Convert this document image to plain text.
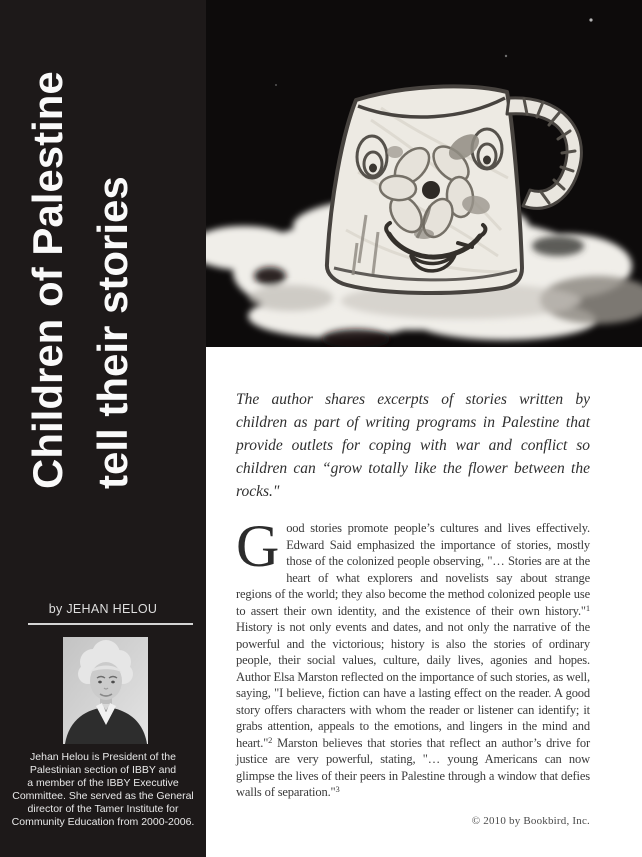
Children of Palestine tell their stories
by JEHAN HELOU
Jehan Helou is President of the
Palestinian section of IBBY and
a member of the IBBY Executive
Committee. She served as the General
director of the Tamer Institute for
Community Education from 2000-2006.

The author shares excerpts of stories written by children as part of writing programs in Palestine that provide outlets for coping with war and conflict so children can “grow totally like the flower between the rocks."

Good stories promote people’s cultures and lives effectively. Edward Said emphasized the importance of stories, mostly those of the colonized people observing, "… Stories are at the heart of what explorers and novelists say about strange regions of the world; they also become the method colonized people use to assert their own identity, and the existence of their own history."$^1$ History is not only events and dates, and not only the narrative of the powerful and the victorious; history is also the stories of ordinary people, their social values, culture, daily lives, agonies and hopes. Author Elsa Marston reflected on the importance of such stories, as well, saying, "I believe, fiction can have a lasting effect on the reader. A good story offers characters with whom the reader or listener can identify; it grabs attention, appeals to the emotions, and lingers in the mind and heart."$^2$ Marston believes that stories that reflect an author’s drive for justice are very powerful, stating, "… young Americans can now glimpse the lives of their peers in Palestine through a window that defies walls of separation."$^3$

© 2010 by Bookbird, Inc.
